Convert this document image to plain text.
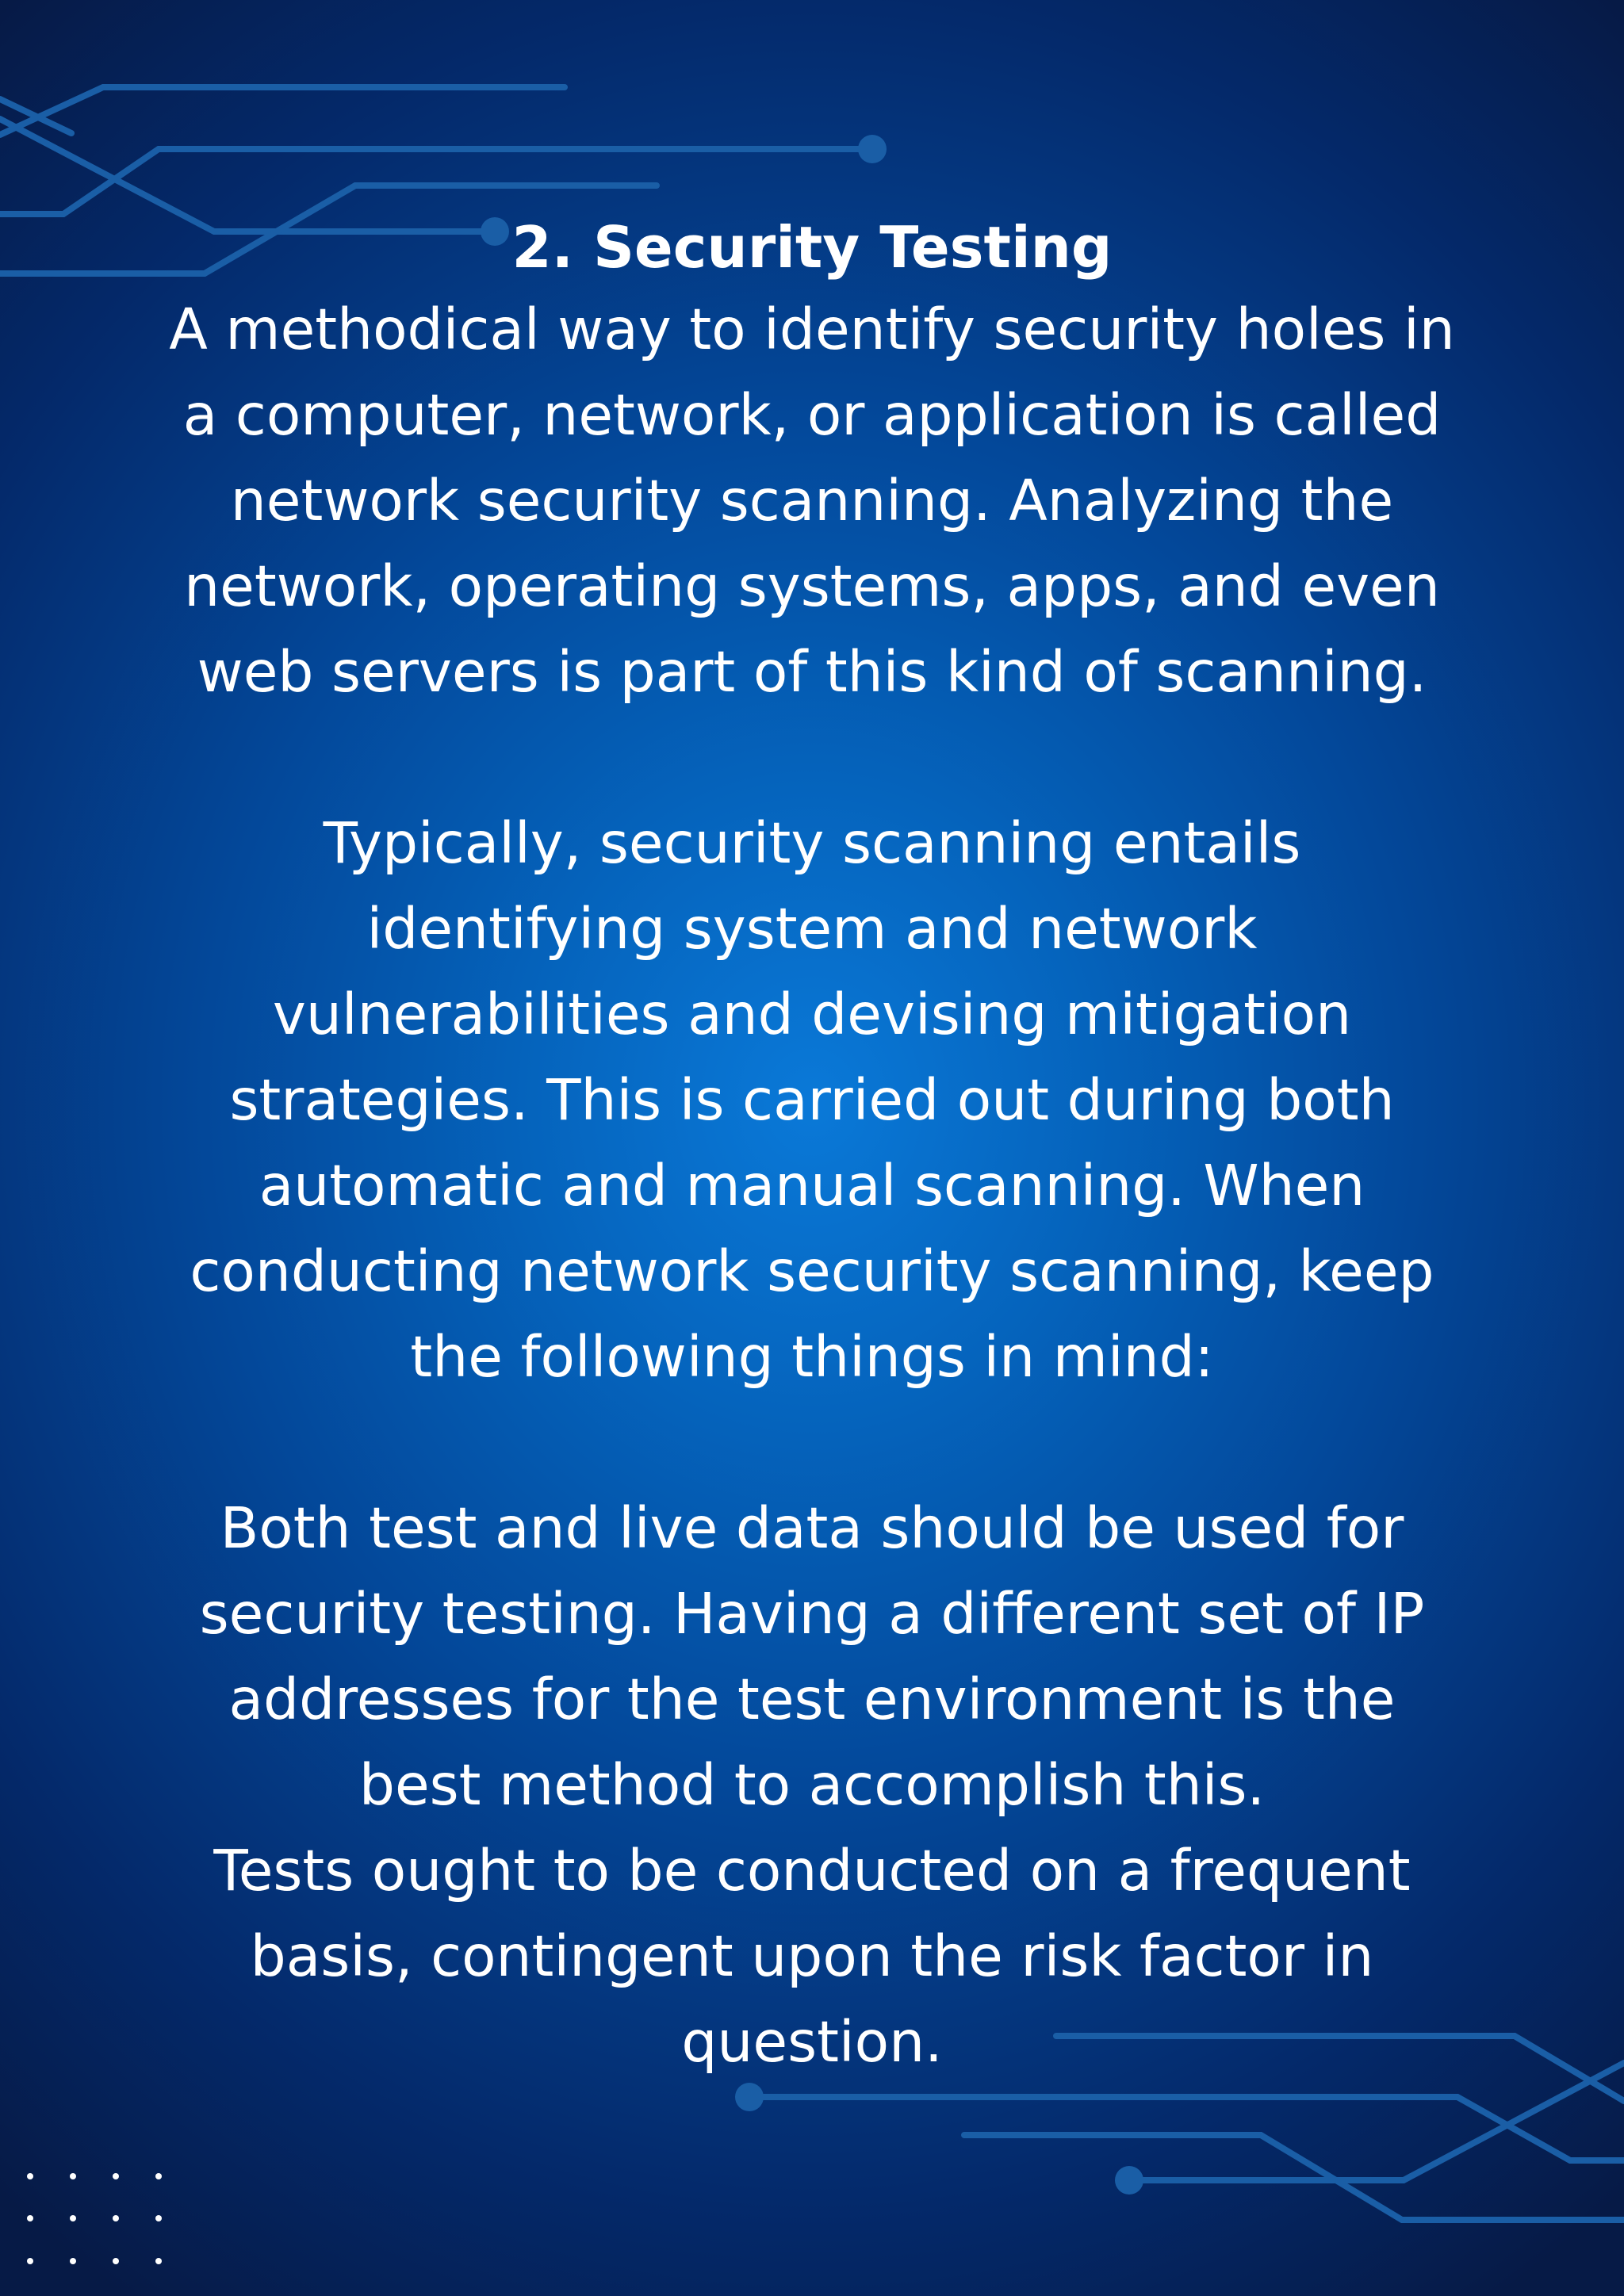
2. Security Testing

A methodical way to identify security holes in
a computer, network, or application is called
network security scanning. Analyzing the
network, operating systems, apps, and even
web servers is part of this kind of scanning.

Typically, security scanning entails
identifying system and network
vulnerabilities and devising mitigation
strategies. This is carried out during both
automatic and manual scanning. When
conducting network security scanning, keep
the following things in mind:

Both test and live data should be used for
security testing. Having a different set of IP
addresses for the test environment is the
best method to accomplish this.
Tests ought to be conducted on a frequent
basis, contingent upon the risk factor in
question.
